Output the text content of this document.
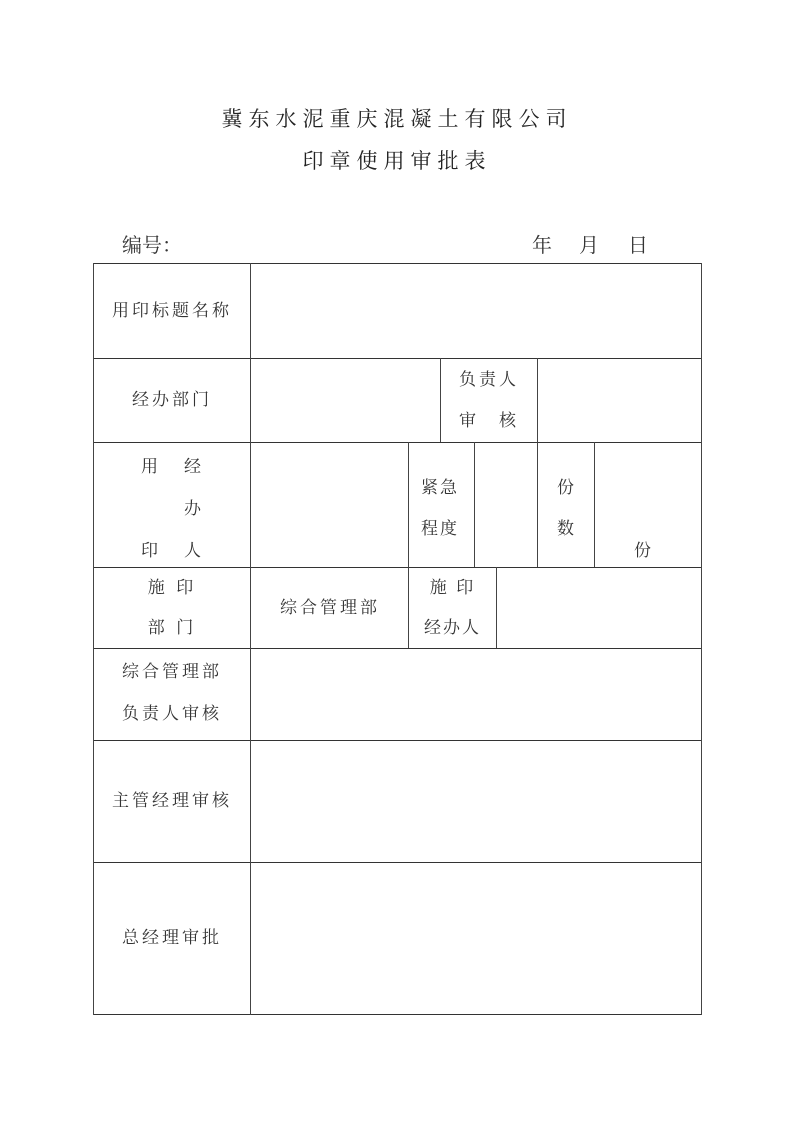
冀东水泥重庆混凝土有限公司
印章使用审批表
编号：	年 月 日
用印标题名称
经办部门
负责人
审　核
用
印
经
办
人
紧急
程度
份
数
份
施 印
部 门
综合管理部
施 印
经办人
综合管理部
负责人审核
主管经理审核
总经理审批
